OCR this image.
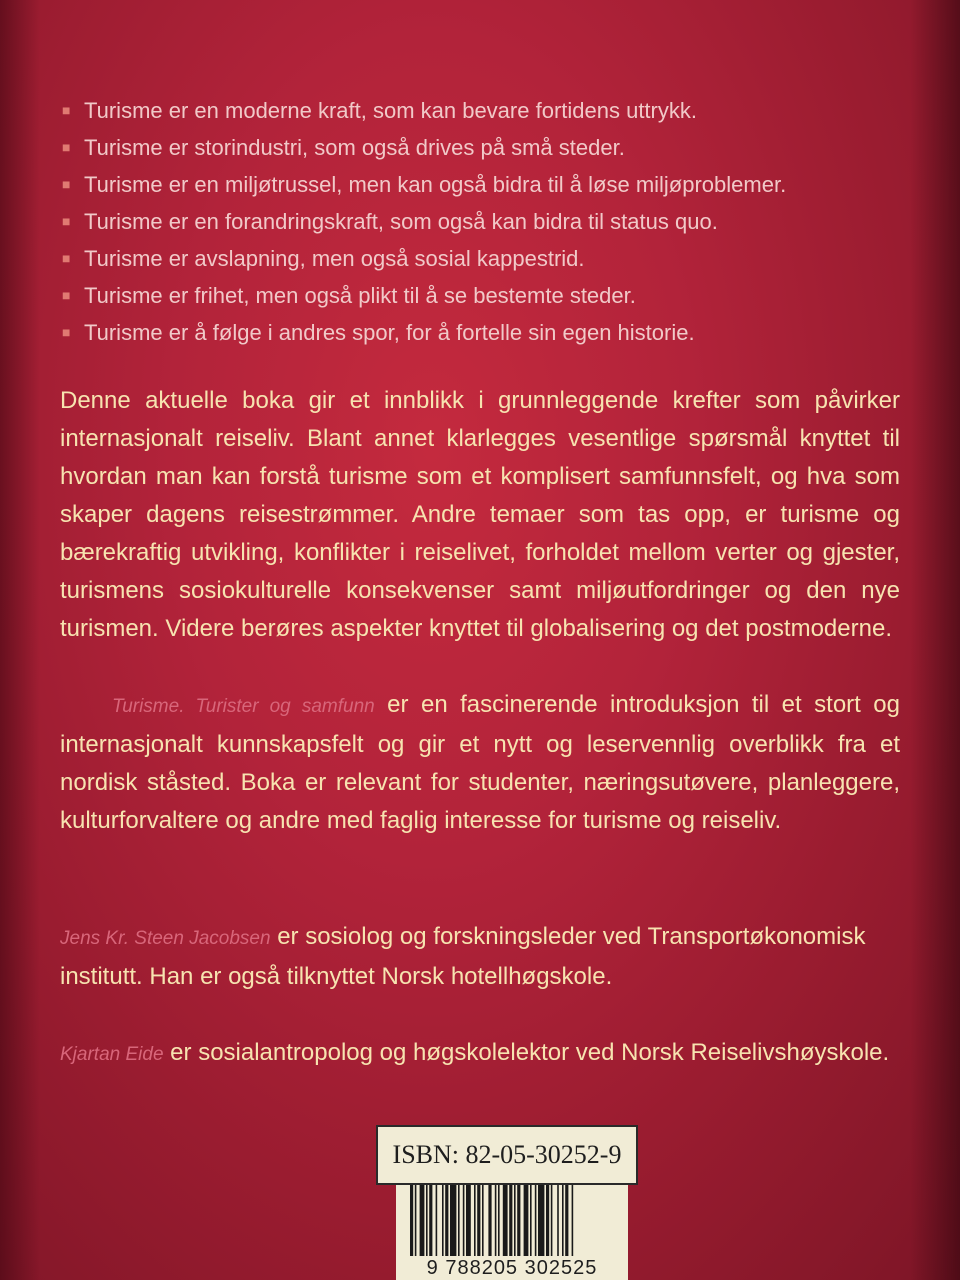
■ Turisme er en moderne kraft, som kan bevare fortidens uttrykk.
■ Turisme er storindustri, som også drives på små steder.
■ Turisme er en miljøtrussel, men kan også bidra til å løse miljøproblemer.
■ Turisme er en forandringskraft, som også kan bidra til status quo.
■ Turisme er avslapning, men også sosial kappestrid.
■ Turisme er frihet, men også plikt til å se bestemte steder.
■ Turisme er å følge i andres spor, for å fortelle sin egen historie.

Denne aktuelle boka gir et innblikk i grunnleggende krefter som påvirker internasjonalt reiseliv. Blant annet klarlegges vesentlige spørsmål knyttet til hvordan man kan forstå turisme som et komplisert samfunnsfelt, og hva som skaper dagens reisestrømmer. Andre temaer som tas opp, er turisme og bærekraftig utvikling, konflikter i reiselivet, forholdet mellom verter og gjester, turismens sosiokulturelle konsekvenser samt miljøutfordringer og den nye turismen. Videre berøres aspekter knyttet til globalisering og det postmoderne.

Turisme. Turister og samfunn er en fascinerende introduksjon til et stort og internasjonalt kunnskapsfelt og gir et nytt og leservennlig overblikk fra et nordisk ståsted. Boka er relevant for studenter, næringsutøvere, planleggere, kulturforvaltere og andre med faglig interesse for turisme og reiseliv.

Jens Kr. Steen Jacobsen er sosiolog og forskningsleder ved Transportøkonomisk institutt. Han er også tilknyttet Norsk hotellhøgskole.

Kjartan Eide er sosialantropolog og høgskolelektor ved Norsk Reiselivshøyskole.

ISBN: 82-05-30252-9
9 788205 302525
